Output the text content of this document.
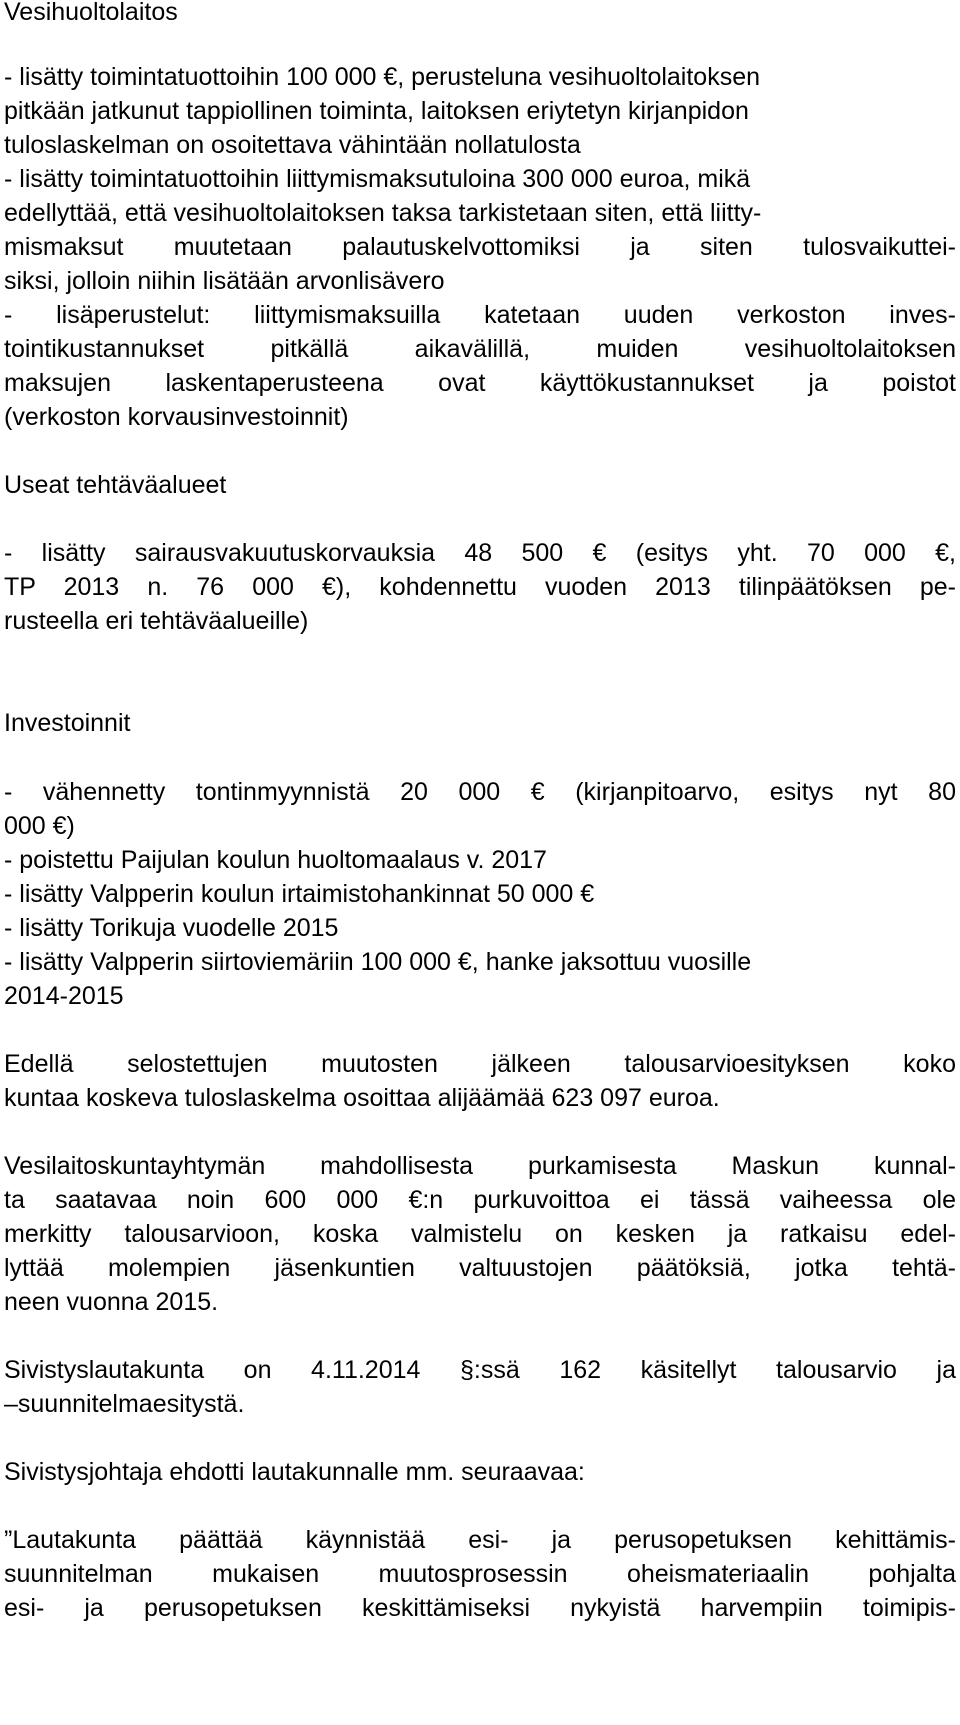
Vesihuoltolaitos
- lisätty toimintatuottoihin 100 000 €, perusteluna vesihuoltolaitoksen
pitkään jatkunut tappiollinen toiminta, laitoksen eriytetyn kirjanpidon
tuloslaskelman on osoitettava vähintään nollatulosta
- lisätty toimintatuottoihin liittymismaksutuloina 300 000 euroa, mikä
edellyttää, että vesihuoltolaitoksen taksa tarkistetaan siten, että liitty-
mismaksut muutetaan palautuskelvottomiksi ja siten tulosvaikuttei-
siksi, jolloin niihin lisätään arvonlisävero
- lisäperustelut: liittymismaksuilla katetaan uuden verkoston inves-
tointikustannukset pitkällä aikavälillä, muiden vesihuoltolaitoksen
maksujen laskentaperusteena ovat käyttökustannukset ja poistot
(verkoston korvausinvestoinnit)
Useat tehtäväalueet
- lisätty sairausvakuutuskorvauksia 48 500 € (esitys yht. 70 000 €,
TP 2013 n. 76 000 €), kohdennettu vuoden 2013 tilinpäätöksen pe-
rusteella eri tehtäväalueille)
Investoinnit
- vähennetty tontinmyynnistä 20 000 € (kirjanpitoarvo, esitys nyt 80
000 €)
- poistettu Paijulan koulun huoltomaalaus v. 2017
- lisätty Valpperin koulun irtaimistohankinnat 50 000 €
- lisätty Torikuja vuodelle 2015
- lisätty Valpperin siirtoviemäriin 100 000 €, hanke jaksottuu vuosille
2014-2015
Edellä selostettujen muutosten jälkeen talousarvioesityksen koko
kuntaa koskeva tuloslaskelma osoittaa alijäämää 623 097 euroa.
Vesilaitoskuntayhtymän mahdollisesta purkamisesta Maskun kunnal-
ta saatavaa noin 600 000 €:n purkuvoittoa ei tässä vaiheessa ole
merkitty talousarvioon, koska valmistelu on kesken ja ratkaisu edel-
lyttää molempien jäsenkuntien valtuustojen päätöksiä, jotka tehtä-
neen vuonna 2015.
Sivistyslautakunta on 4.11.2014 §:ssä 162 käsitellyt talousarvio ja
–suunnitelmaesitystä.
Sivistysjohtaja ehdotti lautakunnalle mm. seuraavaa:
”Lautakunta päättää käynnistää esi- ja perusopetuksen kehittämis-
suunnitelman mukaisen muutosprosessin oheismateriaalin pohjalta
esi- ja perusopetuksen keskittämiseksi nykyistä harvempiin toimipis-
